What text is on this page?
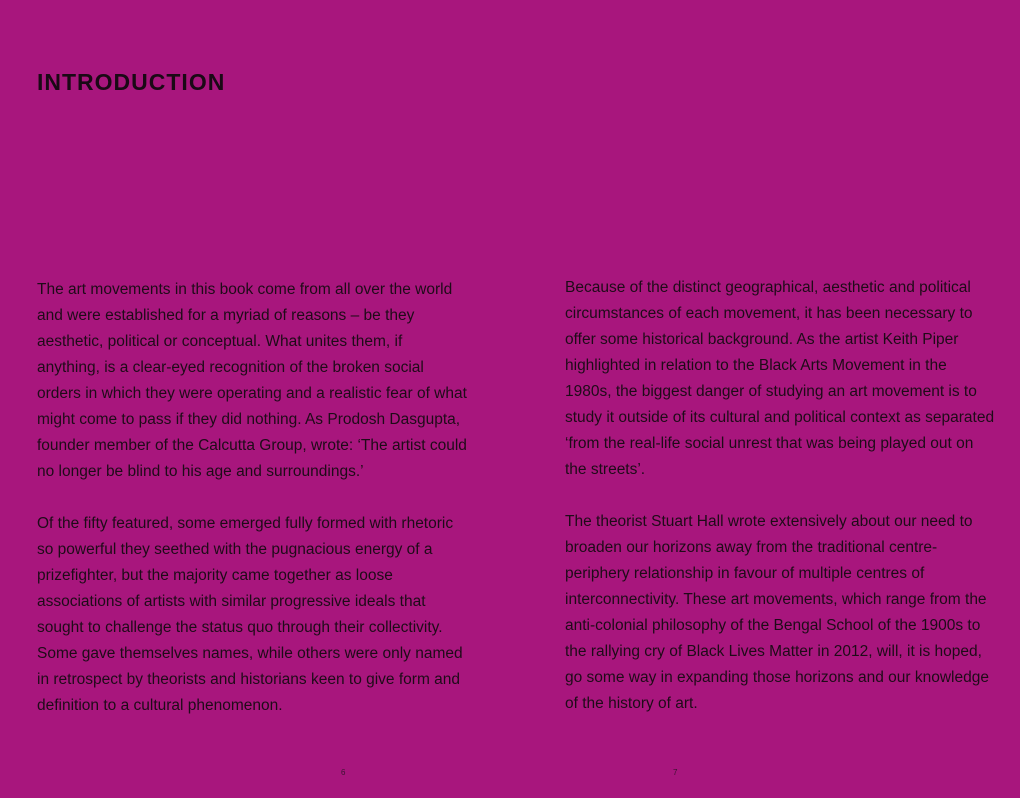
INTRODUCTION

The art movements in this book come from all over the world and were established for a myriad of reasons – be they aesthetic, political or conceptual. What unites them, if anything, is a clear-eyed recognition of the broken social orders in which they were operating and a realistic fear of what might come to pass if they did nothing. As Prodosh Dasgupta, founder member of the Calcutta Group, wrote: ‘The artist could no longer be blind to his age and surroundings.’

Of the fifty featured, some emerged fully formed with rhetoric so powerful they seethed with the pugnacious energy of a prizefighter, but the majority came together as loose associations of artists with similar progressive ideals that sought to challenge the status quo through their collectivity. Some gave themselves names, while others were only named in retrospect by theorists and historians keen to give form and definition to a cultural phenomenon.

Because of the distinct geographical, aesthetic and political circumstances of each movement, it has been necessary to offer some historical background. As the artist Keith Piper highlighted in relation to the Black Arts Movement in the 1980s, the biggest danger of studying an art movement is to study it outside of its cultural and political context as separated ‘from the real-life social unrest that was being played out on the streets’.

The theorist Stuart Hall wrote extensively about our need to broaden our horizons away from the traditional centre-periphery relationship in favour of multiple centres of interconnectivity. These art movements, which range from the anti-colonial philosophy of the Bengal School of the 1900s to the rallying cry of Black Lives Matter in 2012, will, it is hoped, go some way in expanding those horizons and our knowledge of the history of art.

6	7
